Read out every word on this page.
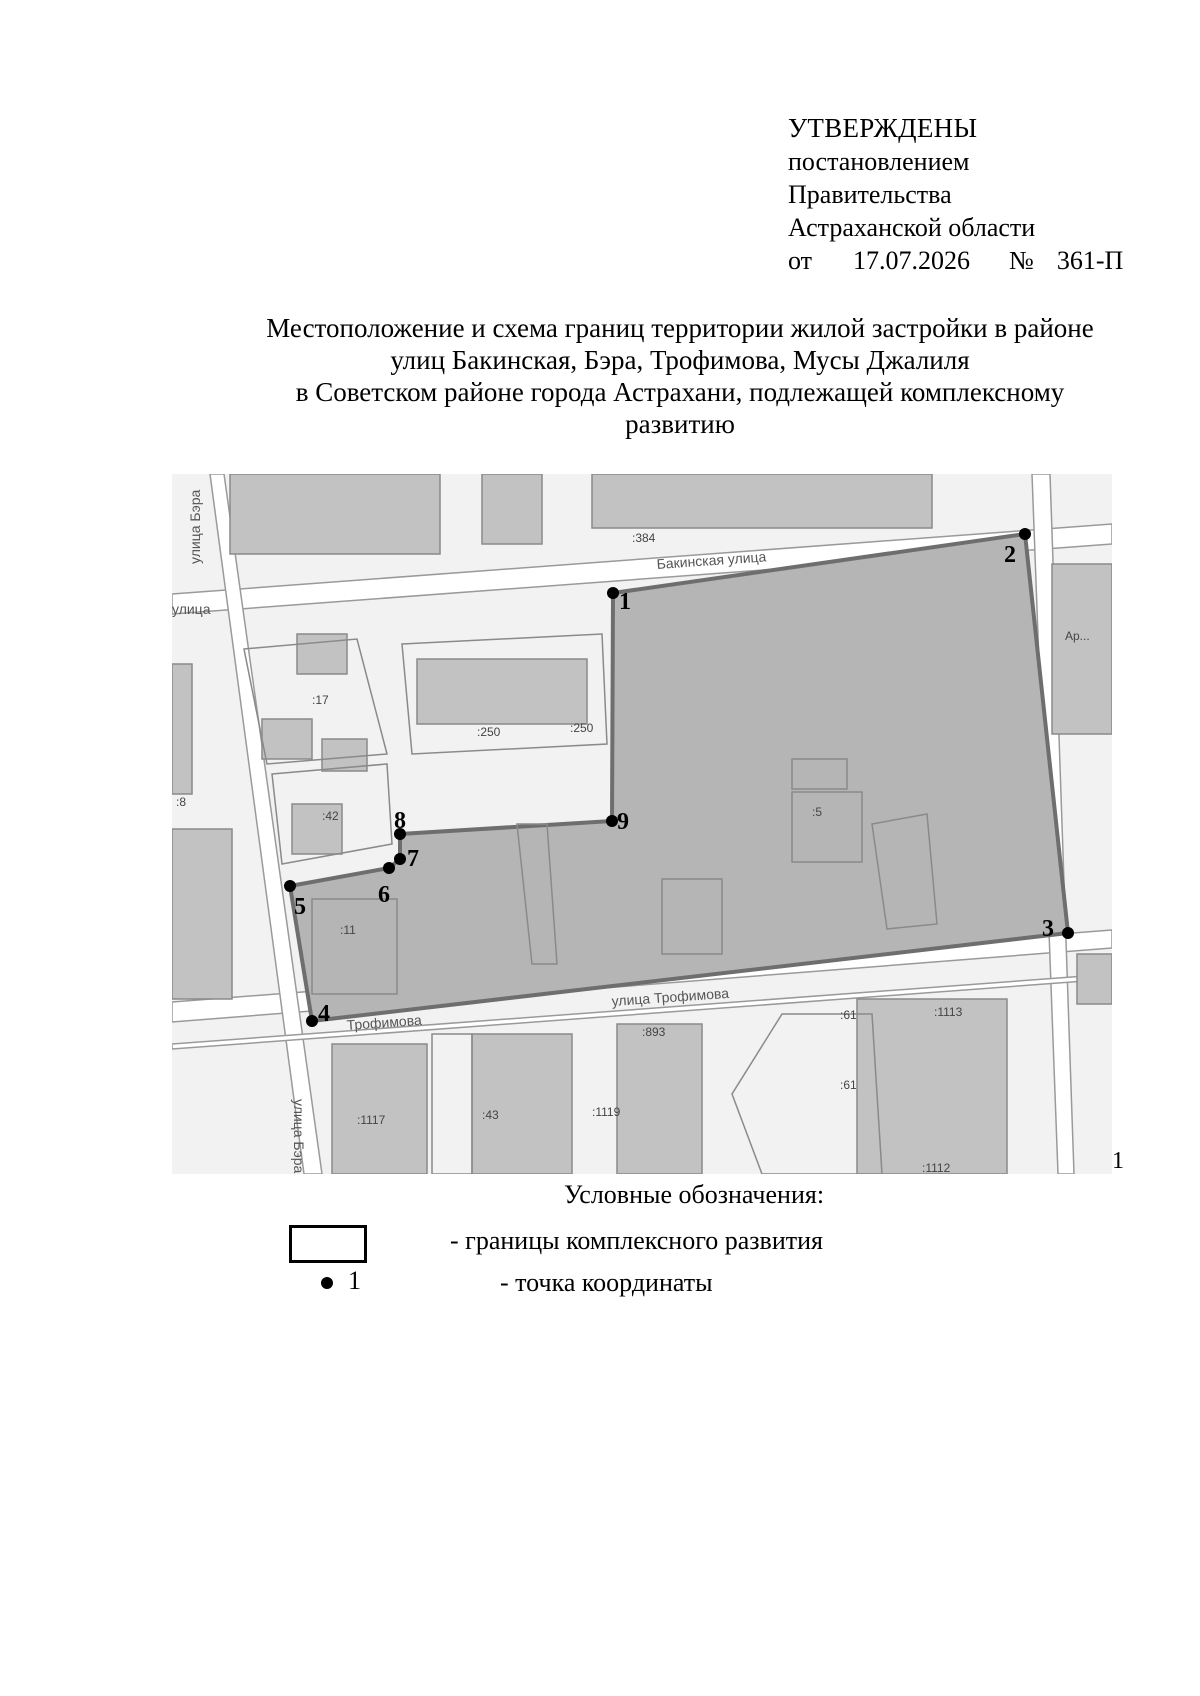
УТВЕРЖДЕНЫ
постановлением
Правительства
Астраханской области
от 17.07.2026 № 361-П
Местоположение и схема границ территории жилой застройки в районе
улиц Бакинская, Бэра, Трофимова, Мусы Джалиля
в Советском районе города Астрахани, подлежащей комплексному
развитию
Бакинская улица
улица Трофимова
Трофимова
улица Бэра
улица Бэра
улица
:384
:17
:250	:250
:42
:11
:8
:5
:893
:61
:61
:1113
:1117	:43	:1119
:1112
Ар...
1
2
3
4
5	6
7
8	9
1
Условные обозначения:
- границы комплексного развития
1	- точка координаты
